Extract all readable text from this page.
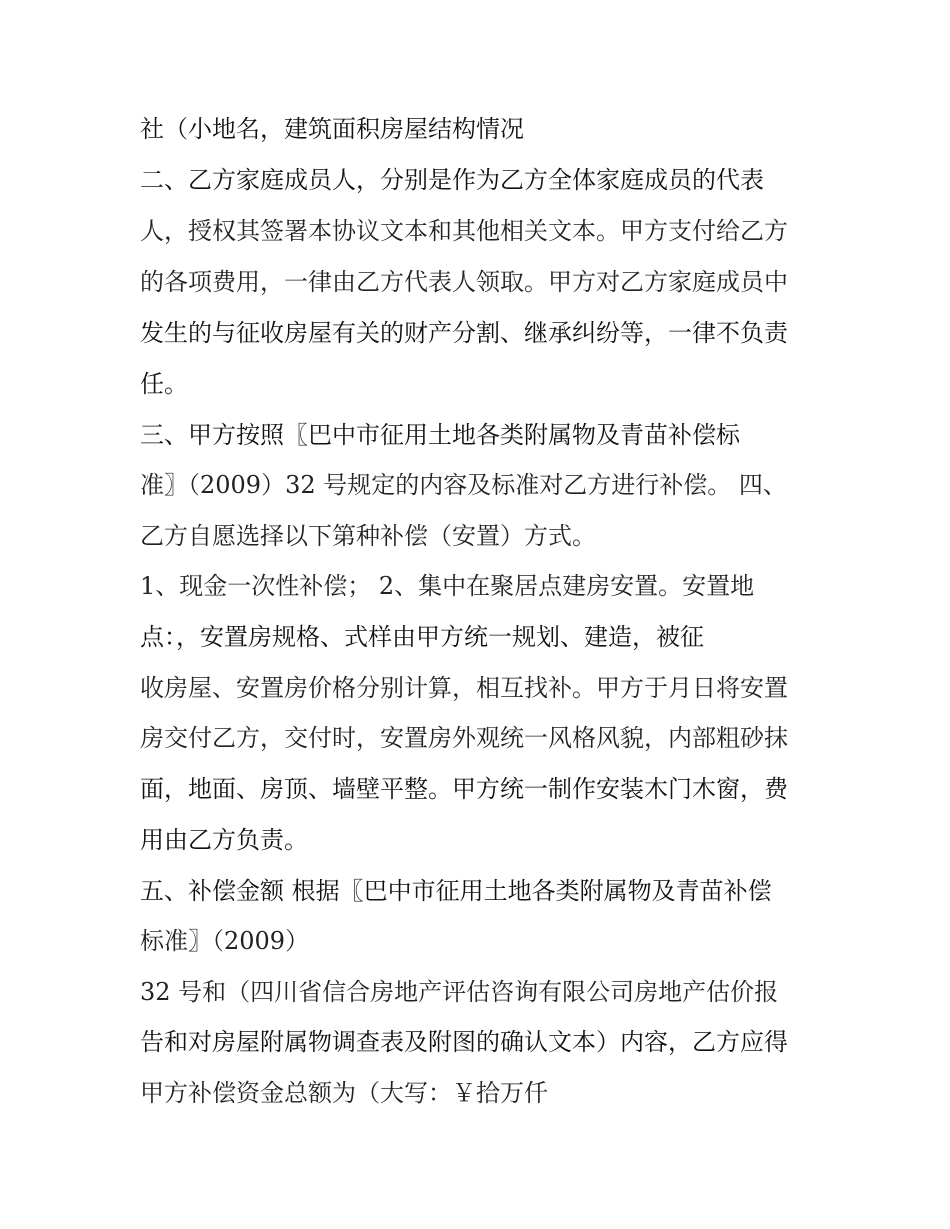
社（小地名，建筑面积房屋结构情况
二、乙方家庭成员人，分别是作为乙方全体家庭成员的代表
人，授权其签署本协议文本和其他相关文本。甲方支付给乙方
的各项费用，一律由乙方代表人领取。甲方对乙方家庭成员中
发生的与征收房屋有关的财产分割、继承纠纷等，一律不负责
任。
三、甲方按照〖巴中市征用土地各类附属物及青苗补偿标
准〗（2009）32 号规定的内容及标准对乙方进行补偿。 四、
乙方自愿选择以下第种补偿（安置）方式。
1、现金一次性补偿； 2、集中在聚居点建房安置。安置地
点：，安置房规格、式样由甲方统一规划、建造，被征
收房屋、安置房价格分别计算，相互找补。甲方于月日将安置
房交付乙方，交付时，安置房外观统一风格风貌，内部粗砂抹
面，地面、房顶、墙壁平整。甲方统一制作安装木门木窗，费
用由乙方负责。
五、补偿金额 根据〖巴中市征用土地各类附属物及青苗补偿
标准〗（2009）
32 号和（四川省信合房地产评估咨询有限公司房地产估价报
告和对房屋附属物调查表及附图的确认文本）内容，乙方应得
甲方补偿资金总额为（大写：￥拾万仟
